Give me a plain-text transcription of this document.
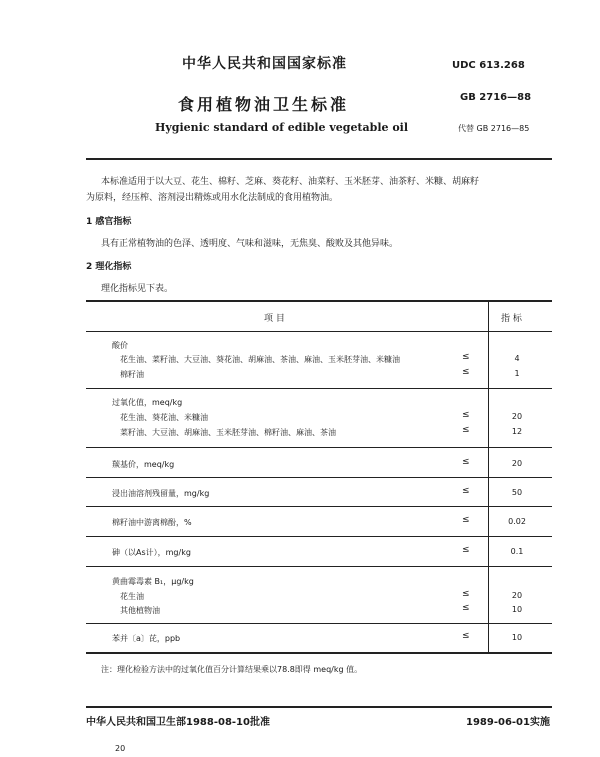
中华人民共和国国家标准	UDC 613.268
食用植物油卫生标准	GB 2716—88
Hygienic standard of edible vegetable oil	代替 GB 2716—85
本标准适用于以大豆、花生、棉籽、芝麻、葵花籽、油菜籽、玉米胚芽、油茶籽、米糠、胡麻籽
为原料，经压榨、溶剂浸出精炼或用水化法制成的食用植物油。
1 感官指标
具有正常植物油的色泽、透明度、气味和滋味，无焦臭、酸败及其他异味。
2 理化指标
理化指标见下表。
项 目	指 标
酸价
花生油、菜籽油、大豆油、葵花油、胡麻油、茶油、麻油、玉米胚芽油、米糠油	≤	4
棉籽油	≤	1
过氧化值，meq/kg
花生油、葵花油、米糠油	≤	20
菜籽油、大豆油、胡麻油、玉米胚芽油、棉籽油、麻油、茶油	≤	12
羰基价，meq/kg	≤	20
浸出油溶剂残留量，mg/kg	≤	50
棉籽油中游离棉酚，%	≤	0.02
砷（以As计），mg/kg	≤	0.1
黄曲霉毒素 B₁，μg/kg
花生油	≤	20
其他植物油	≤	10
苯并〔a〕芘，ppb	≤	10
注：理化检验方法中的过氧化值百分计算结果乘以78.8即得 meq/kg 值。
中华人民共和国卫生部1988-08-10批准	1989-06-01实施
20
